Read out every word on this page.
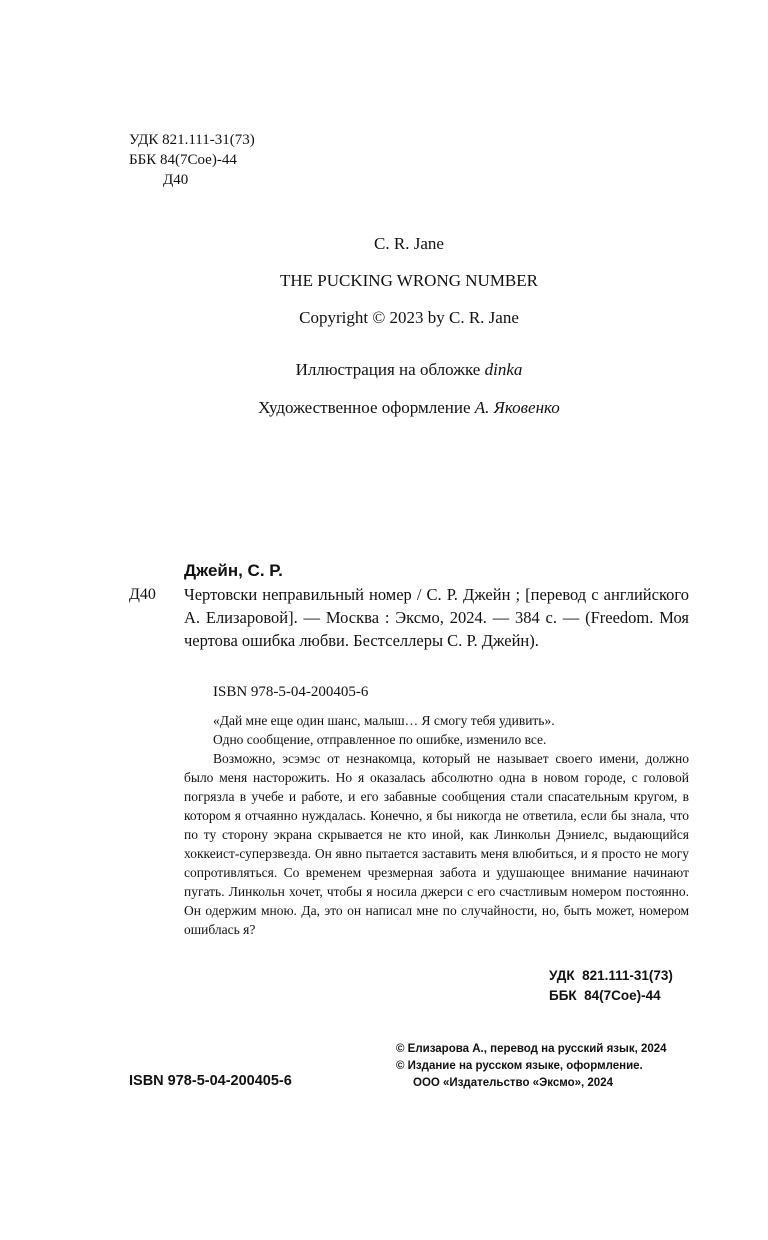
УДК 821.111-31(73)
ББК 84(7Сое)-44
Д40
C. R. Jane
THE PUCKING WRONG NUMBER
Copyright © 2023 by C. R. Jane
Иллюстрация на обложке dinka
Художественное оформление А. Яковенко
Джейн, С. Р.
Д40 Чертовски неправильный номер / С. Р. Джейн ; [перевод с английского А. Елизаровой]. — Москва : Эксмо, 2024. — 384 с. — (Freedom. Моя чертова ошибка любви. Бестселлеры С. Р. Джейн).
ISBN 978-5-04-200405-6

«Дай мне еще один шанс, малыш… Я смогу тебя удивить».

Одно сообщение, отправленное по ошибке, изменило все.

Возможно, эсэмэс от незнакомца, который не называет своего имени, должно было меня насторожить. Но я оказалась абсолютно одна в новом городе, с головой погрязла в учебе и работе, и его забавные сообщения стали спасательным кругом, в котором я отчаянно нуждалась. Конечно, я бы никогда не ответила, если бы знала, что по ту сторону экрана скрывается не кто иной, как Линкольн Дэниелс, выдающийся хоккеист-суперзвезда. Он явно пытается заставить меня влюбиться, и я просто не могу сопротивляться. Со временем чрезмерная забота и удушающее внимание начинают пугать. Линкольн хочет, чтобы я носила джерси с его счастливым номером постоянно. Он одержим мною. Да, это он написал мне по случайности, но, быть может, номером ошиблась я?

УДК  821.111-31(73)
ББК  84(7Сое)-44
© Елизарова А., перевод на русский язык, 2024
© Издание на русском языке, оформление.
ООО «Издательство «Эксмо», 2024
ISBN 978-5-04-200405-6
